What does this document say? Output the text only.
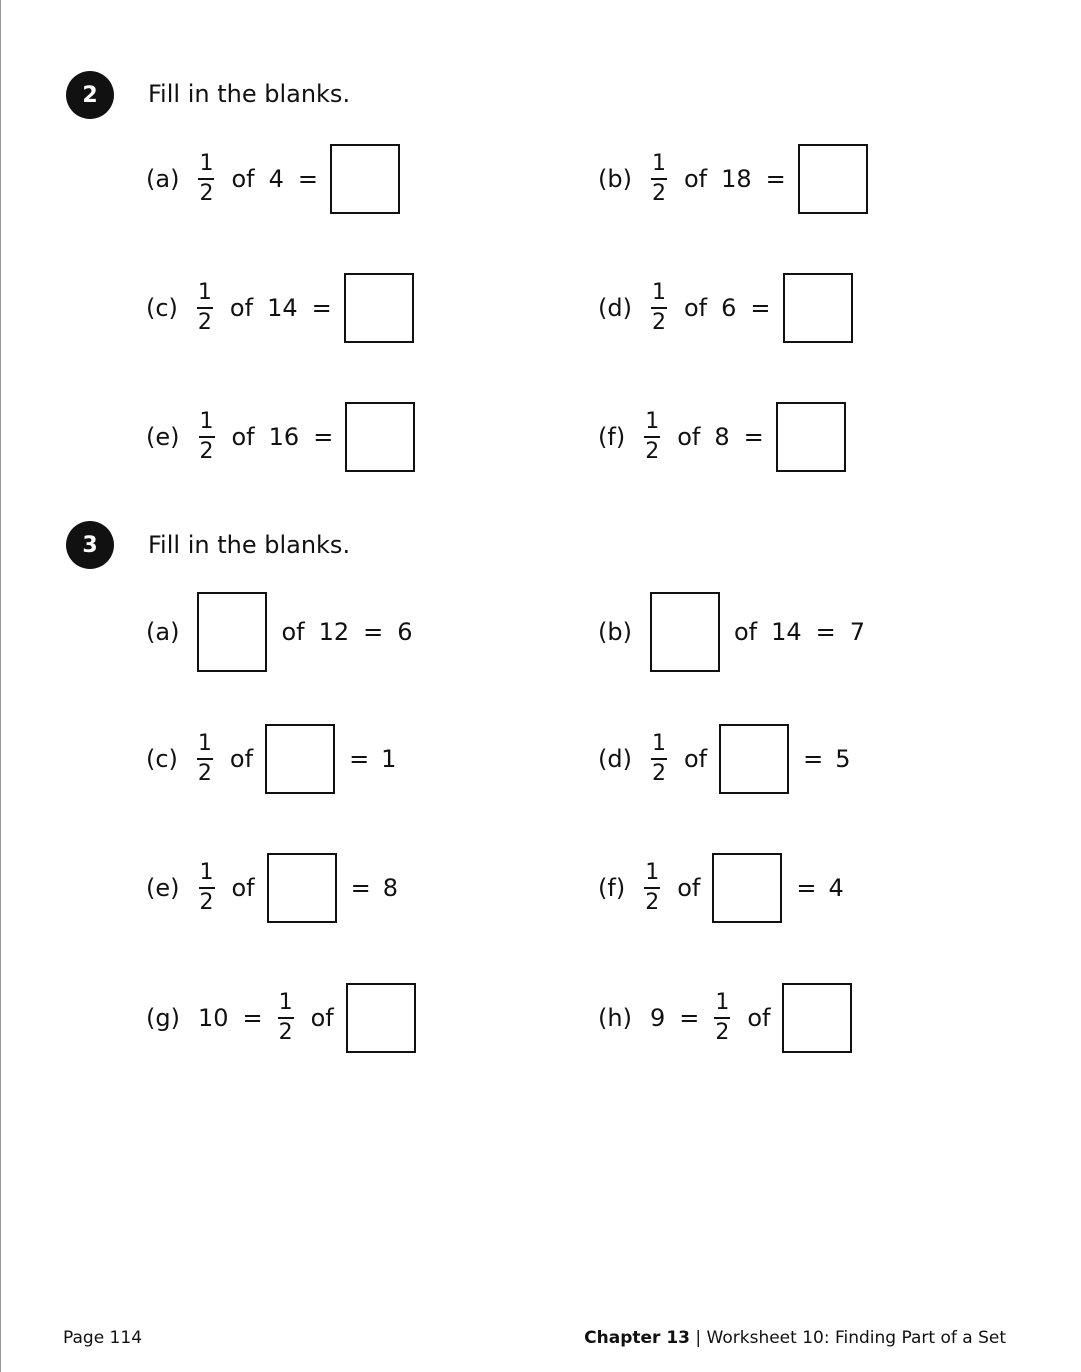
2 Fill in the blanks.
$(a) \frac{1}{2}$ of 4 =	$(b) \frac{1}{2}$ of 18 =
$(c) \frac{1}{2}$ of 14 =	$(d) \frac{1}{2}$ of 6 =
$(e) \frac{1}{2}$ of 16 =	$(f) \frac{1}{2}$ of 8 =
3 Fill in the blanks.
(a)	of 12 = 6	(b)	of 14 = 7
$(c) \frac{1}{2}$ of	= 1	$(d) \frac{1}{2}$ of	= 5
$(e) \frac{1}{2}$ of	= 8	$(f) \frac{1}{2}$ of	= 4
(g) $10 = \frac{1}{2}$ of	(h) $9 = \frac{1}{2}$ of
Page 114	Chapter 13 | Worksheet 10: Finding Part of a Set
